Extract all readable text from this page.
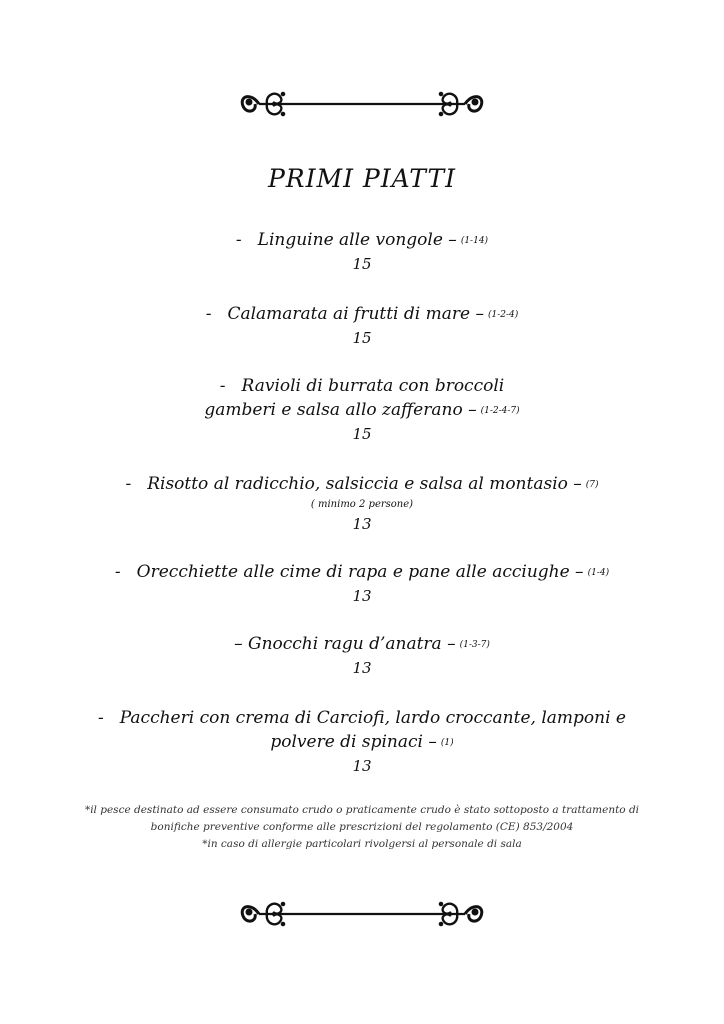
PRIMI PIATTI
- Linguine alle vongole – (1-14)
15
- Calamarata ai frutti di mare – (1-2-4)
15
- Ravioli di burrata con broccoli
gamberi e salsa allo zafferano – (1-2-4-7)
15
- Risotto al radicchio, salsiccia e salsa al montasio – (7)
( minimo 2 persone)
13
- Orecchiette alle cime di rapa e pane alle acciughe – (1-4)
13
– Gnocchi ragu d’anatra – (1-3-7)
13
- Paccheri con crema di Carciofi, lardo croccante, lamponi e
polvere di spinaci – (1)
13
*il pesce destinato ad essere consumato crudo o praticamente crudo è stato sottoposto a trattamento di
bonifiche preventive conforme alle prescrizioni del regolamento (CE) 853/2004
*in caso di allergie particolari rivolgersi al personale di sala
